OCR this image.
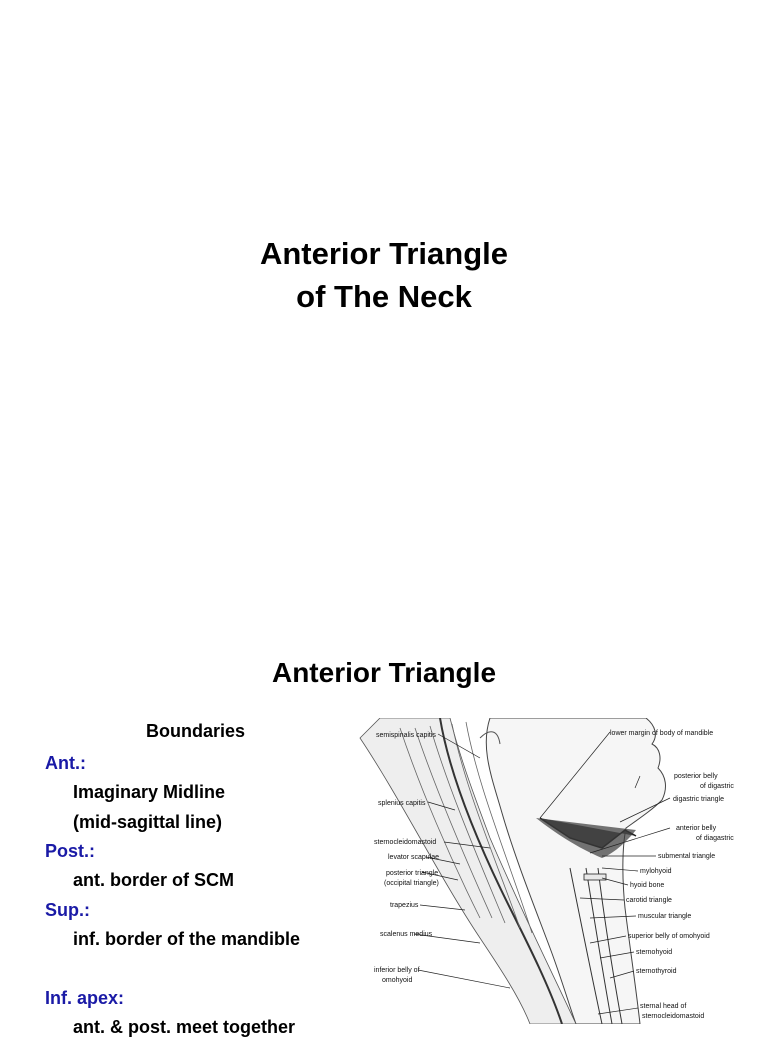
Anterior Triangle
of The Neck
Anterior Triangle
Boundaries
Ant.:
Imaginary Midline
(mid-sagittal line)
Post.:
ant. border of SCM
Sup.:
inf. border of the mandible
Inf. apex:
ant. & post. meet together
semispinalis capitis
splenius capitis
sternocleidomastoid
levator scapulae
posterior triangle
(occipital triangle)
trapezius
scalenus medius
inferior belly of
omohyoid
lower margin of body of mandible
posterior belly
of digastric
digastric triangle
anterior belly
of diagastric
submental triangle
mylohyoid
hyoid bone
carotid triangle
muscular triangle
superior belly of omohyoid
sternohyoid
sternothyroid
sternal head of
sternocleidomastoid
